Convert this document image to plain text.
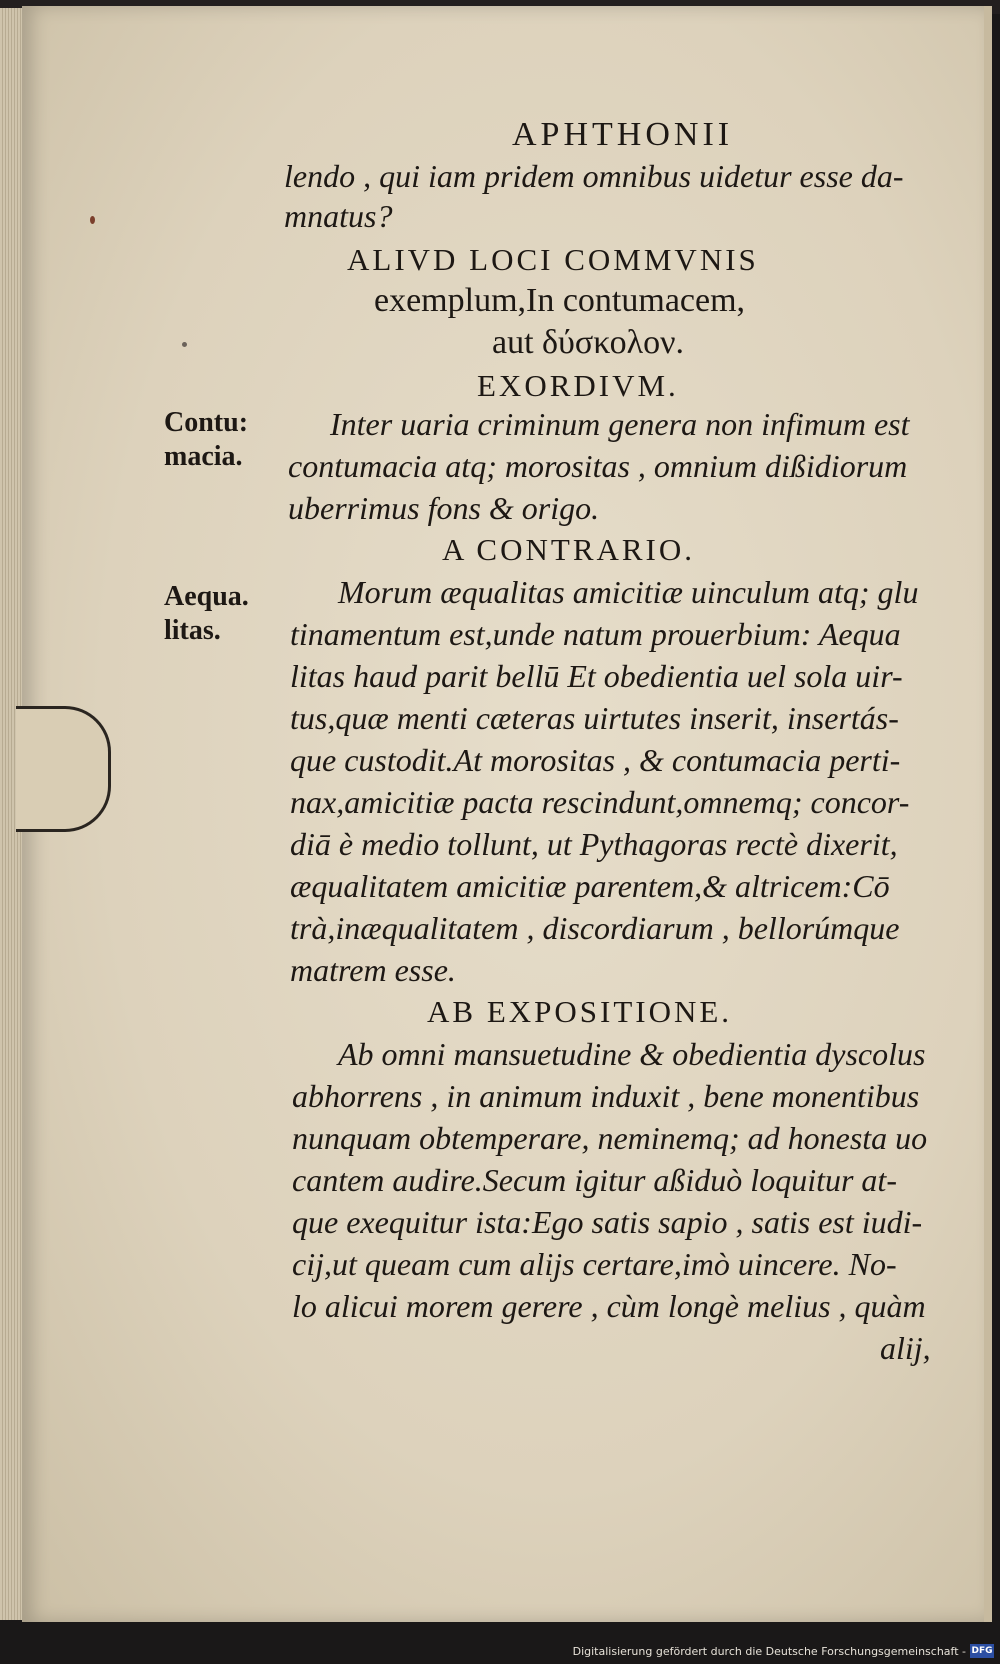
APHTHONII
lendo , qui iam pridem omnibus uidetur esse da-
mnatus?
ALIVD LOCI COMMVNIS
exemplum,In contumacem,
aut δύσκολον.
EXORDIVM.
Contu:
macia.
Inter uaria criminum genera non infimum est
contumacia atq; morositas , omnium dißidiorum
uberrimus fons & origo.
A CONTRARIO.
Aequa.
litas.
Morum æqualitas amicitiæ uinculum atq; glu
tinamentum est,unde natum prouerbium: Aequa
litas haud parit bellū Et obedientia uel sola uir-
tus,quæ menti cæteras uirtutes inserit, insertás-
que custodit.At morositas , & contumacia perti-
nax,amicitiæ pacta rescindunt,omnemq; concor-
diā è medio tollunt, ut Pythagoras rectè dixerit,
æqualitatem amicitiæ parentem,& altricem:Cō
trà,inæqualitatem , discordiarum , bellorúmque
matrem esse.
AB EXPOSITIONE.
Ab omni mansuetudine & obedientia dyscolus
abhorrens , in animum induxit , bene monentibus
nunquam obtemperare, neminemq; ad honesta uo
cantem audire.Secum igitur aßiduò loquitur at-
que exequitur ista:Ego satis sapio , satis est iudi-
cij,ut queam cum alijs certare,imò uincere. No-
lo alicui morem gerere , cùm longè melius , quàm
alij,
Digitalisierung gefördert durch die Deutsche Forschungsgemeinschaft - DFG
